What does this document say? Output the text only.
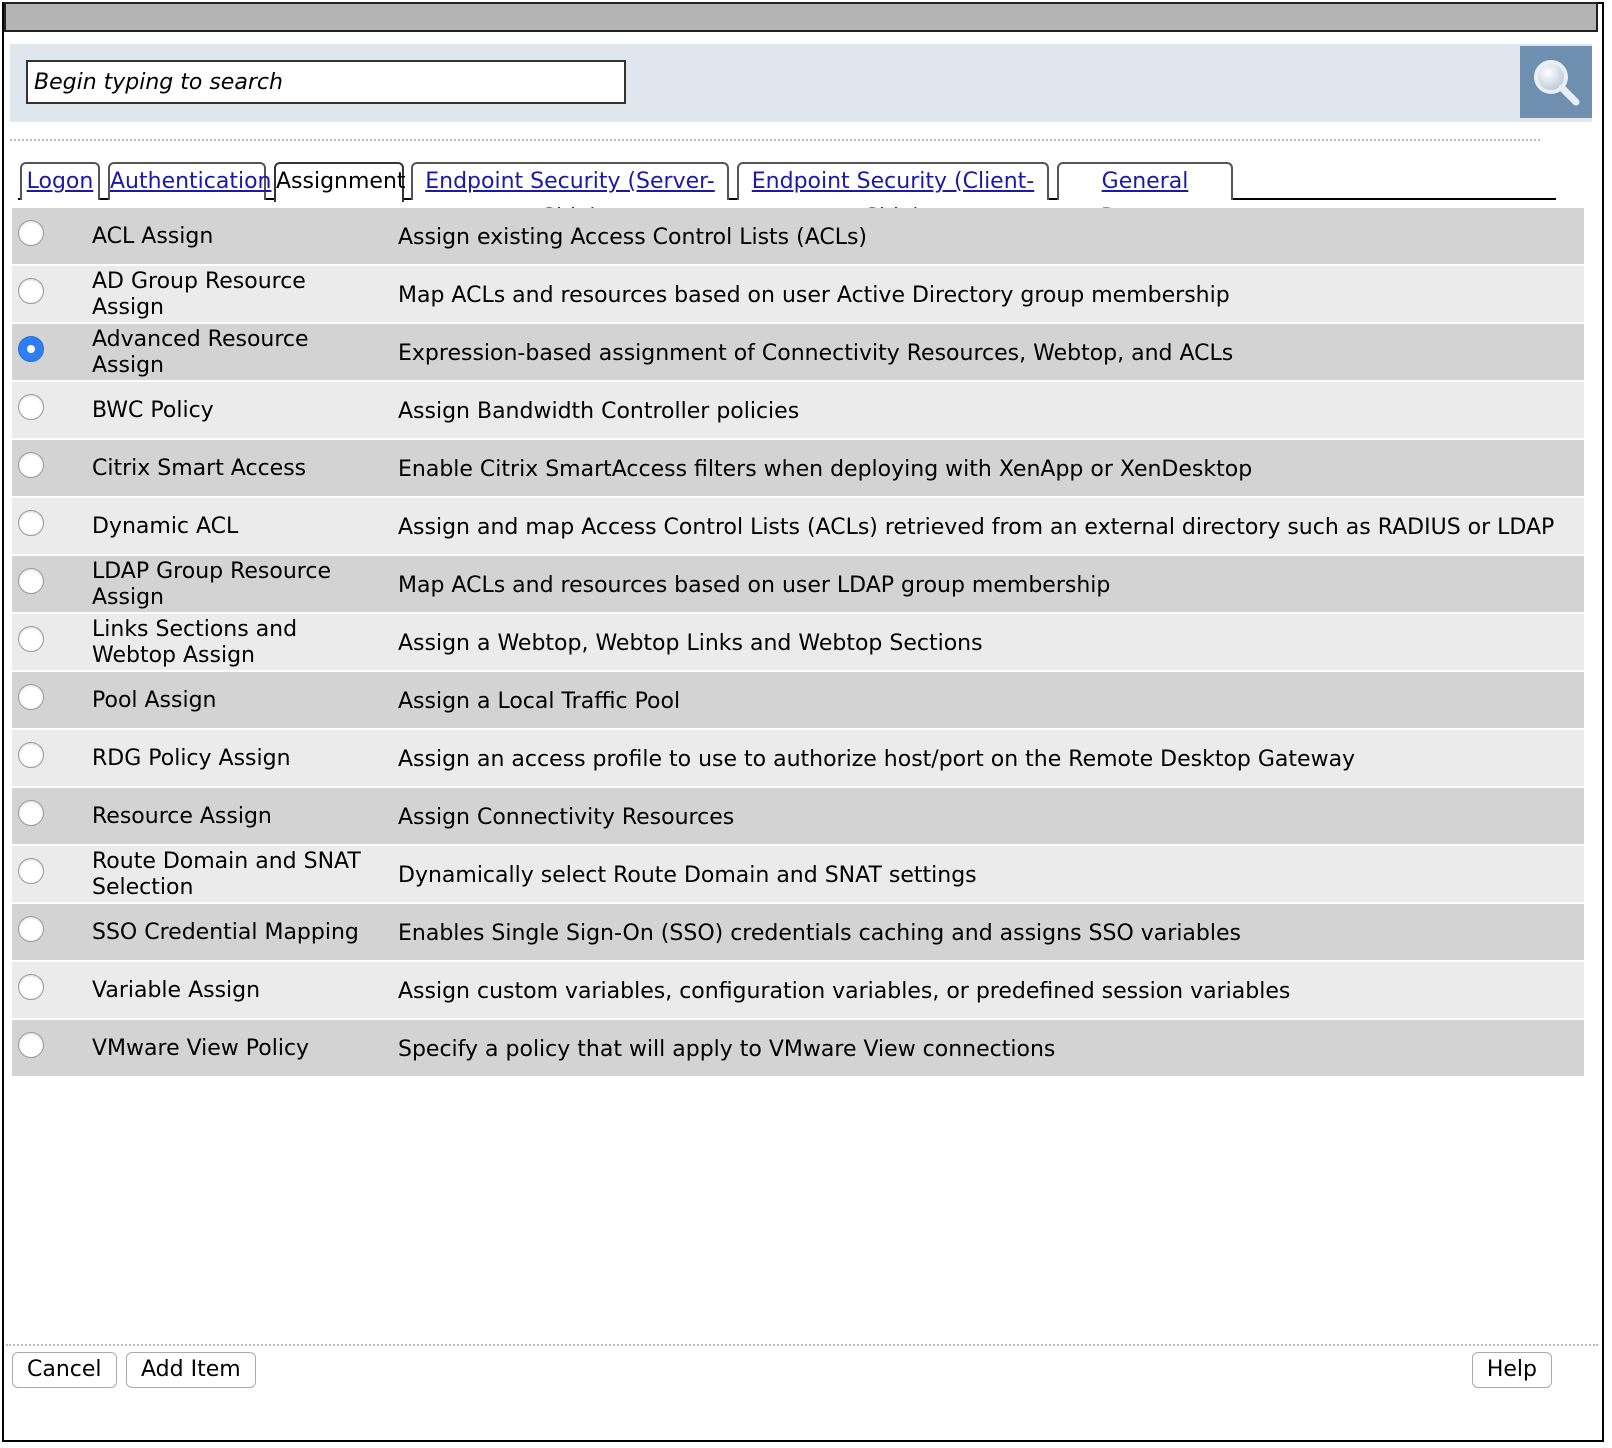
Begin typing to search
Logon Authentication Assignment Endpoint Security (Server-	Endpoint Security (Client-	General
ACL Assign	Assign existing Access Control Lists (ACLs)
AD Group Resource Assign	Map ACLs and resources based on user Active Directory group membership
Advanced Resource Assign	Expression-based assignment of Connectivity Resources, Webtop, and ACLs
BWC Policy	Assign Bandwidth Controller policies
Citrix Smart Access	Enable Citrix SmartAccess filters when deploying with XenApp or XenDesktop
Dynamic ACL	Assign and map Access Control Lists (ACLs) retrieved from an external directory such as RADIUS or LDAP
LDAP Group Resource Assign	Map ACLs and resources based on user LDAP group membership
Links Sections and Webtop Assign	Assign a Webtop, Webtop Links and Webtop Sections
Pool Assign	Assign a Local Traffic Pool
RDG Policy Assign	Assign an access profile to use to authorize host/port on the Remote Desktop Gateway
Resource Assign	Assign Connectivity Resources
Route Domain and SNAT Selection	Dynamically select Route Domain and SNAT settings
SSO Credential Mapping	Enables Single Sign-On (SSO) credentials caching and assigns SSO variables
Variable Assign	Assign custom variables, configuration variables, or predefined session variables
VMware View Policy	Specify a policy that will apply to VMware View connections
Cancel	Add Item	Help
